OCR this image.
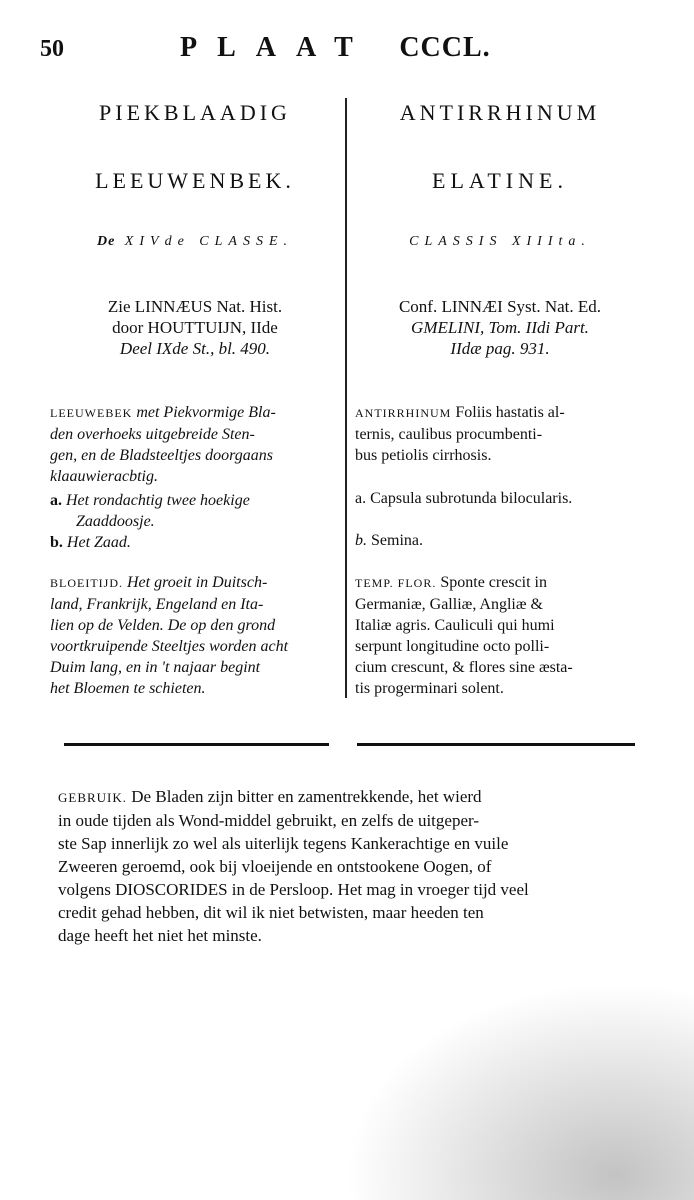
50	PLAAT CCCL.
PIEKBLAADIG
LEEUWENBEK.
De XIVde CLASSE.
Zie LINNÆUS Nat. Hist.
door HOUTTUIJN, IIde
Deel IXde St., bl. 490.
LEEUWEBEK met Piekvormige Bla-
den overhoeks uitgebreide Sten-
gen, en de Bladsteeltjes doorgaans
klaauwieracbtig.
a. Het rondachtig twee hoekige
Zaaddoosje.
b. Het Zaad.
BLOEITIJD. Het groeit in Duitsch-
land, Frankrijk, Engeland en Ita-
lien op de Velden. De op den grond
voortkruipende Steeltjes worden acht
Duim lang, en in 't najaar begint
het Bloemen te schieten.
ANTIRRHINUM
ELATINE.
CLASSIS XIIIta.
Conf. LINNÆI Syst. Nat. Ed.
GMELINI, Tom. IIdi Part.
IIdæ pag. 931.
ANTIRRHINUM Foliis hastatis al-
ternis, caulibus procumbenti-
bus petiolis cirrhosis.
a. Capsula subrotunda bilocularis.
b. Semina.
TEMP. FLOR. Sponte crescit in
Germaniæ, Galliæ, Angliæ &
Italiæ agris. Cauliculi qui humi
serpunt longitudine octo polli-
cium crescunt, & flores sine æsta-
tis progerminari solent.
GEBRUIK. De Bladen zijn bitter en zamentrekkende, het wierd
in oude tijden als Wond-middel gebruikt, en zelfs de uitgeper-
ste Sap innerlijk zo wel als uiterlijk tegens Kankerachtige en vuile
Zweeren geroemd, ook bij vloeijende en ontstookene Oogen, of
volgens DIOSCORIDES in de Persloop. Het mag in vroeger tijd veel
credit gehad hebben, dit wil ik niet betwisten, maar heeden ten
dage heeft het niet het minste.
